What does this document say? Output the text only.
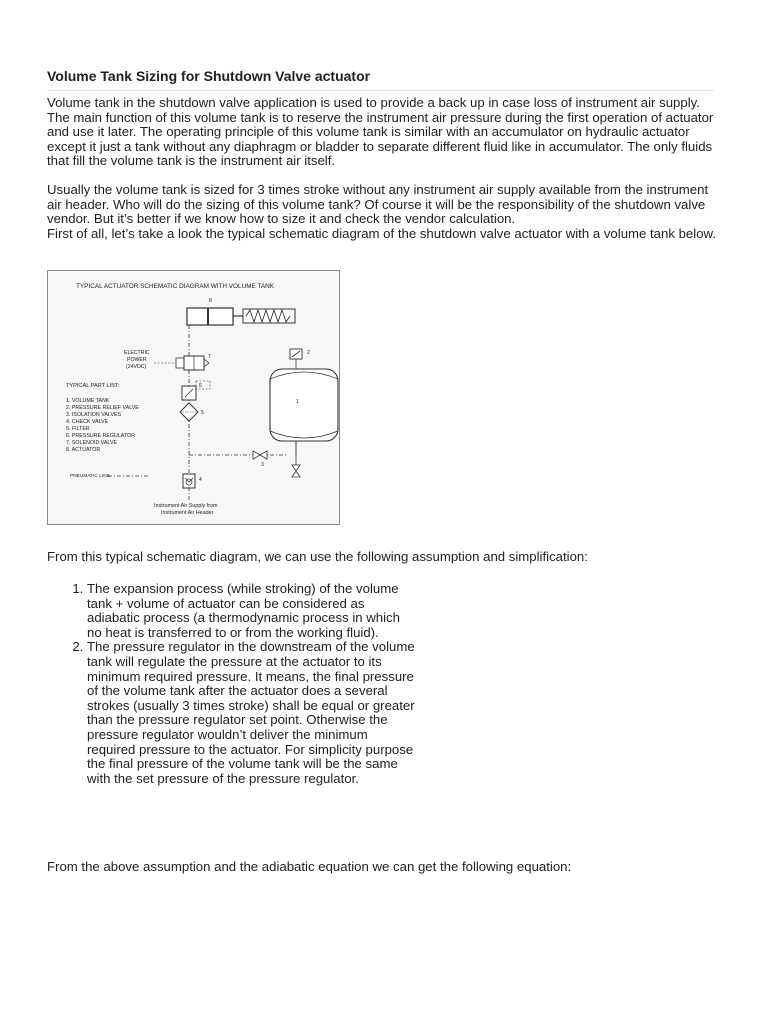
Volume Tank Sizing for Shutdown Valve actuator

Volume tank in the shutdown valve application is used to provide a back up in case loss of instrument air supply. The main function of this volume tank is to reserve the instrument air pressure during the first operation of actuator and use it later. The operating principle of this volume tank is similar with an accumulator on hydraulic actuator except it just a tank without any diaphragm or bladder to separate different fluid like in accumulator. The only fluids that fill the volume tank is the instrument air itself.

Usually the volume tank is sized for 3 times stroke without any instrument air supply available from the instrument air header. Who will do the sizing of this volume tank? Of course it will be the responsibility of the shutdown valve vendor. But it’s better if we know how to size it and check the vendor calculation.
First of all, let’s take a look the typical schematic diagram of the shutdown valve actuator with a volume tank below.
TYPICAL ACTUATOR SCHEMATIC DIAGRAM WITH VOLUME TANK
8
ELECTRIC
POWER
(24VDC)
7
TYPICAL PART LIST:
1. VOLUME TANK
2. PRESSURE RELIEF VALVE
3. ISOLATION VALVES
4. CHECK VALVE
5. FILTER
6. PRESSURE REGULATOR
7. SOLENOID VALVE
8. ACTUATOR
6
5
3
1
2
4
PNEUMATIC LINE
Instrument Air Supply from
Instrument Air Header

From this typical schematic diagram, we can use the following assumption and simplification:

1. The expansion process (while stroking) of the volume tank + volume of actuator can be considered as adiabatic process (a thermodynamic process in which no heat is transferred to or from the working fluid).
2. The pressure regulator in the downstream of the volume tank will regulate the pressure at the actuator to its minimum required pressure. It means, the final pressure of the volume tank after the actuator does a several strokes (usually 3 times stroke) shall be equal or greater than the pressure regulator set point. Otherwise the pressure regulator wouldn’t deliver the minimum required pressure to the actuator. For simplicity purpose the final pressure of the volume tank will be the same with the set pressure of the pressure regulator.

From the above assumption and the adiabatic equation we can get the following equation:
